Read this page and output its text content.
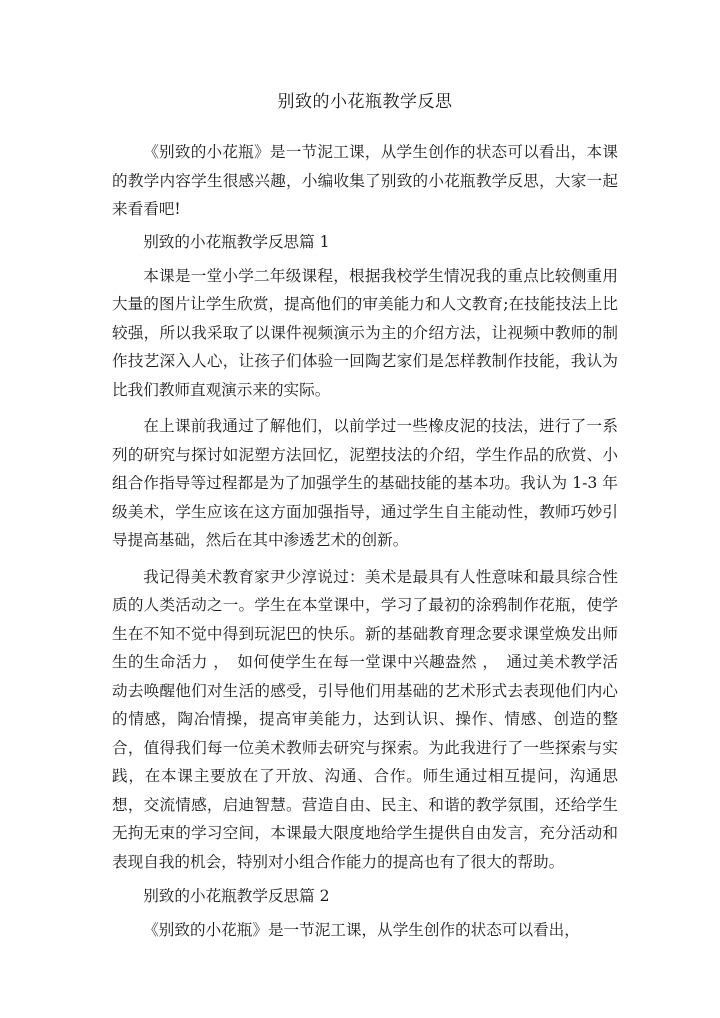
别致的小花瓶教学反思

《别致的小花瓶》是一节泥工课，从学生创作的状态可以看出，本课的教学内容学生很感兴趣，小编收集了别致的小花瓶教学反思，大家一起来看看吧!

别致的小花瓶教学反思篇 1

本课是一堂小学二年级课程，根据我校学生情况我的重点比较侧重用大量的图片让学生欣赏，提高他们的审美能力和人文教育;在技能技法上比较强，所以我采取了以课件视频演示为主的介绍方法，让视频中教师的制作技艺深入人心，让孩子们体验一回陶艺家们是怎样教制作技能，我认为比我们教师直观演示来的实际。

在上课前我通过了解他们，以前学过一些橡皮泥的技法，进行了一系列的研究与探讨如泥塑方法回忆，泥塑技法的介绍，学生作品的欣赏、小组合作指导等过程都是为了加强学生的基础技能的基本功。我认为 1-3 年级美术，学生应该在这方面加强指导，通过学生自主能动性，教师巧妙引导提高基础，然后在其中渗透艺术的创新。

我记得美术教育家尹少淳说过：美术是最具有人性意味和最具综合性质的人类活动之一。学生在本堂课中，学习了最初的涂鸦制作花瓶，使学生在不知不觉中得到玩泥巴的快乐。新的基础教育理念要求课堂焕发出师生的生命活力 ，　如何使学生在每一堂课中兴趣盎然 ，　通过美术教学活动去唤醒他们对生活的感受，引导他们用基础的艺术形式去表现他们内心的情感，陶冶情操，提高审美能力，达到认识、操作、情感、创造的整合，值得我们每一位美术教师去研究与探索。为此我进行了一些探索与实践，在本课主要放在了开放、沟通、合作。师生通过相互提问，沟通思想，交流情感，启迪智慧。营造自由、民主、和谐的教学氛围，还给学生无拘无束的学习空间，本课最大限度地给学生提供自由发言，充分活动和表现自我的机会，特别对小组合作能力的提高也有了很大的帮助。

别致的小花瓶教学反思篇 2

《别致的小花瓶》是一节泥工课，从学生创作的状态可以看出，
